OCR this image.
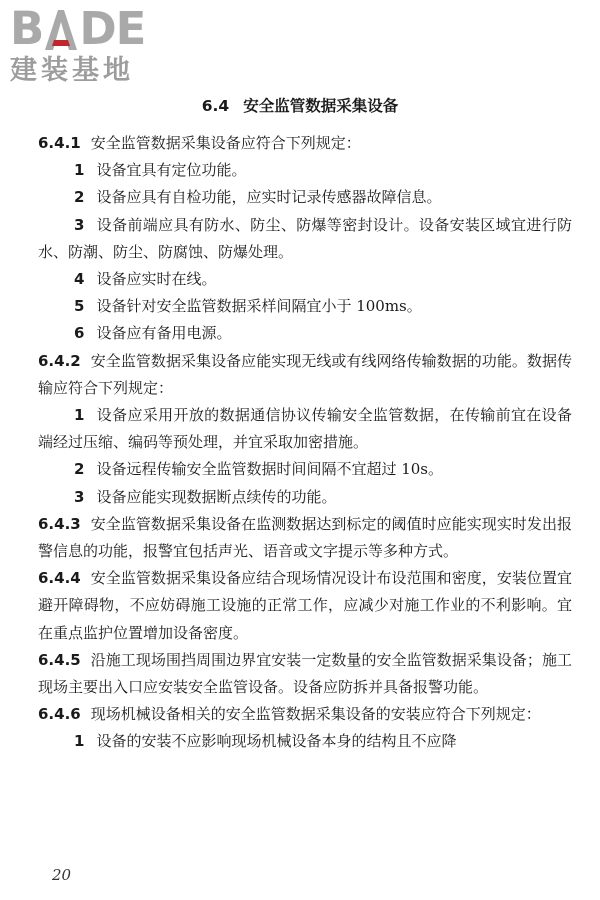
B DE
建装基地
6.4 安全监管数据采集设备

6.4.1 安全监管数据采集设备应符合下列规定：

1 设备宜具有定位功能。

2 设备应具有自检功能，应实时记录传感器故障信息。

3 设备前端应具有防水、防尘、防爆等密封设计。设备安装区域宜进行防水、防潮、防尘、防腐蚀、防爆处理。

4 设备应实时在线。

5 设备针对安全监管数据采样间隔宜小于 100ms。

6 设备应有备用电源。

6.4.2 安全监管数据采集设备应能实现无线或有线网络传输数据的功能。数据传输应符合下列规定：

1 设备应采用开放的数据通信协议传输安全监管数据，在传输前宜在设备端经过压缩、编码等预处理，并宜采取加密措施。

2 设备远程传输安全监管数据时间间隔不宜超过 10s。

3 设备应能实现数据断点续传的功能。

6.4.3 安全监管数据采集设备在监测数据达到标定的阈值时应能实现实时发出报警信息的功能，报警宜包括声光、语音或文字提示等多种方式。

6.4.4 安全监管数据采集设备应结合现场情况设计布设范围和密度，安装位置宜避开障碍物，不应妨碍施工设施的正常工作，应减少对施工作业的不利影响。宜在重点监护位置增加设备密度。

6.4.5 沿施工现场围挡周围边界宜安装一定数量的安全监管数据采集设备；施工现场主要出入口应安装安全监管设备。设备应防拆并具备报警功能。

6.4.6 现场机械设备相关的安全监管数据采集设备的安装应符合下列规定：

1 设备的安装不应影响现场机械设备本身的结构且不应降

20
